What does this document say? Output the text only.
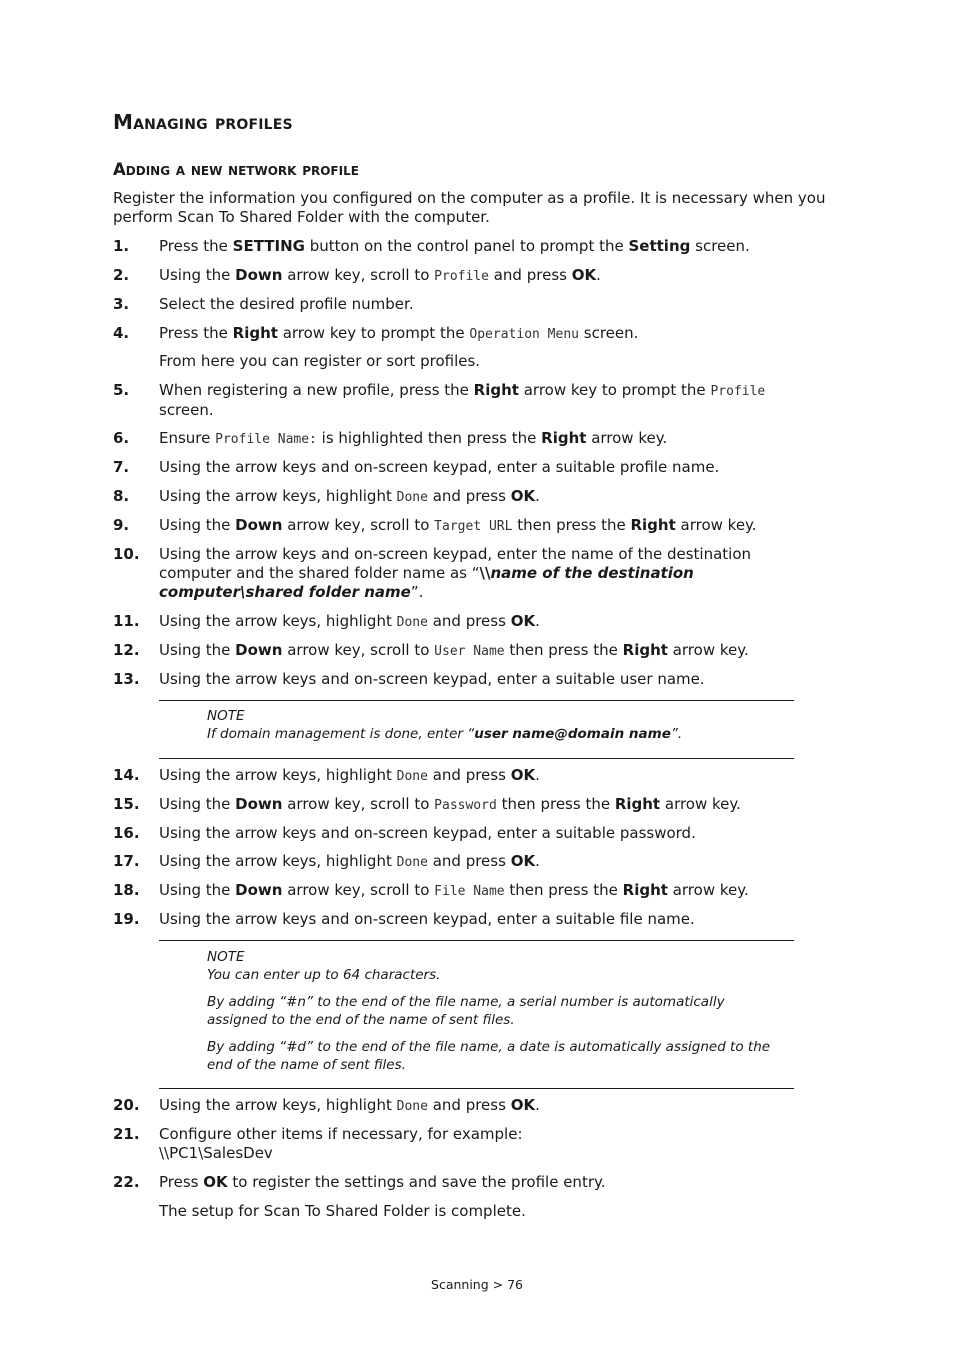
Managing profiles
Adding a new network profile
Register the information you configured on the computer as a profile. It is necessary when you perform Scan To Shared Folder with the computer.
1. Press the SETTING button on the control panel to prompt the Setting screen.
2. Using the Down arrow key, scroll to Profile and press OK.
3. Select the desired profile number.
4. Press the Right arrow key to prompt the Operation Menu screen.
From here you can register or sort profiles.
5. When registering a new profile, press the Right arrow key to prompt the Profile
screen.
6. Ensure Profile Name: is highlighted then press the Right arrow key.
7. Using the arrow keys and on-screen keypad, enter a suitable profile name.
8. Using the arrow keys, highlight Done and press OK.
9. Using the Down arrow key, scroll to Target URL then press the Right arrow key.
10. Using the arrow keys and on-screen keypad, enter the name of the destination computer and the shared folder name as “\\name of the destination computer\shared folder name”.
11. Using the arrow keys, highlight Done and press OK.
12. Using the Down arrow key, scroll to User Name then press the Right arrow key.
13. Using the arrow keys and on-screen keypad, enter a suitable user name.
NOTE
If domain management is done, enter “user name@domain name”.
14. Using the arrow keys, highlight Done and press OK.
15. Using the Down arrow key, scroll to Password then press the Right arrow key.
16. Using the arrow keys and on-screen keypad, enter a suitable password.
17. Using the arrow keys, highlight Done and press OK.
18. Using the Down arrow key, scroll to File Name then press the Right arrow key.
19. Using the arrow keys and on-screen keypad, enter a suitable file name.
NOTE
You can enter up to 64 characters.
By adding “#n” to the end of the file name, a serial number is automatically assigned to the end of the name of sent files.
By adding “#d” to the end of the file name, a date is automatically assigned to the end of the name of sent files.
20. Using the arrow keys, highlight Done and press OK.
21. Configure other items if necessary, for example:
\\PC1\SalesDev
22. Press OK to register the settings and save the profile entry.
The setup for Scan To Shared Folder is complete.
Scanning > 76
